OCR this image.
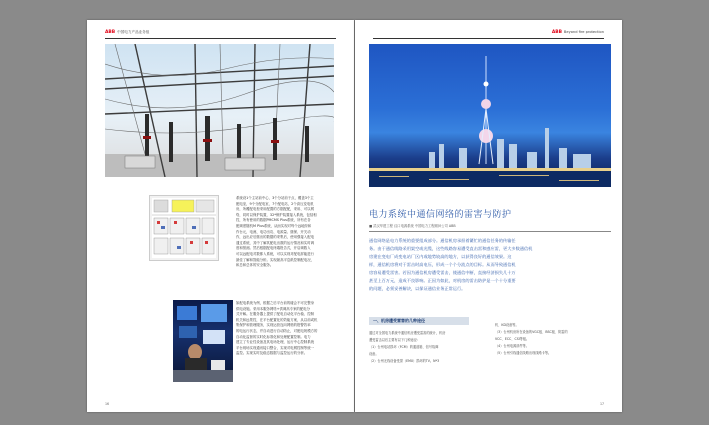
ABB 中国电力产品业务组
系统设1个主站前中心，3个分站前于点，覆盖3个主
配电室，9个分配电室，7个配电站，2个高压变电机
房，所覆配电柜采用配置的方据配配，采用、可以网
络，同时以保护装置，32*保护装置接入系统，包括相
控，所有使用的数据PMCMS Plus系统，所有在各
配调度随机M Plus系统，从而实现对每个远地综和
作台元，电流、电功出功、电源量、继保、开关动
作，远出应后继出的数据的采集后，使用强接入配电
通过系统，其中了解其配电出数的运行情况和实时调
度和预测。然后根据配电终端报告式，开启调数入
可以远配电对数都入系统，可以实现对配电屏能进行
最佳了解和智能分析。实现最高平息纸控制配电况，
和总和总体的安全服务。
如配电系统为例，根据之后平台前的碰会不可完整身
供电设施。采用本服务网络+供调高专家的配电分
式开解。在服务器上提供了配电自动化平台稳、控制
机关和远景控，在平台配置化的效能方案，从以前或机
集保护和管理服务，实现运营连向网格的报警效率
的电运行状态，并自动进行自动防止，对配电规模方的
自动化监督的实时化标准化和处理配置控制。电力
建立了专业性设备及其电场处理，运行中心控制系统
平台现场实现通讯接口整合，实现对电网控制等统一
监控。实现实时及稳态数据与监控运行的分析。
16
ABB Beyond fire protection
电力系统中通信网络的雷害与防护
■ 武汉华建工程 汉口电源系统 中国电力工程顾问公司 ABB
通信网络是电力系统的重要组成部分。通信机房承担着繁忙的通信任务的传输任
务。由于通信线路采用架空或光缆，这些线路容易遭受直击雷和感应雷，更大多数通信机
房建在变电厂成变电站厂区内或地势较高的地方，以获得良好的通信效果。这
样，通信机房将对于雷击时高电压，形成一个个分流点的目标。从而导致通信机
房容易遭受雷害。若因为通信机房遭受雷击，使通信中断，直接经济损失几十万
甚至上百万元，造成不良影响。正因为如此，对机房的雷击防护是一个十分重要
的问题，必须妥善解决，以保证通信业务正常运行。
一、机房遭受雷害的几种途径
通过对全国电力系统中通信机房遭受雷害的统计，机房
遭受雷击以后主要有以下几种途径：
（1）台州电站损坏（FCM）的通道箱、信号故障
设备。
（2）台州无线设备受损（EMX）损坏的TV。N*3
机、KD设备等。
（3）台州机房所在设备的VGC板、BSC板、防雷的
VCC、ECC、CSI等板。
（4）台州电源部件等。
（5）台州引线通信线路出现线路卡等。
17
